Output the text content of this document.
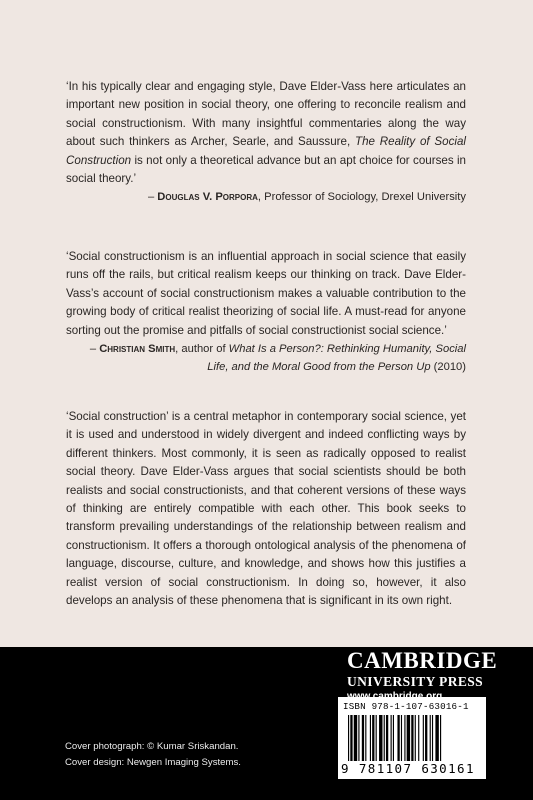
‘In his typically clear and engaging style, Dave Elder-Vass here articulates an important new position in social theory, one offering to reconcile realism and social constructionism. With many insightful commentaries along the way about such thinkers as Archer, Searle, and Saussure, The Reality of Social Construction is not only a theoretical advance but an apt choice for courses in social theory.’
– Douglas V. Porpora, Professor of Sociology, Drexel University
‘Social constructionism is an influential approach in social science that easily runs off the rails, but critical realism keeps our thinking on track. Dave Elder-Vass’s account of social constructionism makes a valuable contribution to the growing body of critical realist theorizing of social life. A must-read for anyone sorting out the promise and pitfalls of social constructionist social science.’
– Christian Smith, author of What Is a Person?: Rethinking Humanity, Social Life, and the Moral Good from the Person Up (2010)
‘Social construction’ is a central metaphor in contemporary social science, yet it is used and understood in widely divergent and indeed conflicting ways by different thinkers. Most commonly, it is seen as radically opposed to realist social theory. Dave Elder-Vass argues that social scientists should be both realists and social constructionists, and that coherent versions of these ways of thinking are entirely compatible with each other. This book seeks to transform prevailing understandings of the relationship between realism and constructionism. It offers a thorough ontological analysis of the phenomena of language, discourse, culture, and knowledge, and shows how this justifies a realist version of social constructionism. In doing so, however, it also develops an analysis of these phenomena that is significant in its own right.
CAMBRIDGE
UNIVERSITY PRESS
Cover photograph: © Kumar Sriskandan.
Cover design: Newgen Imaging Systems.
ISBN 978-1-107-63016-1
9 781107 630161
